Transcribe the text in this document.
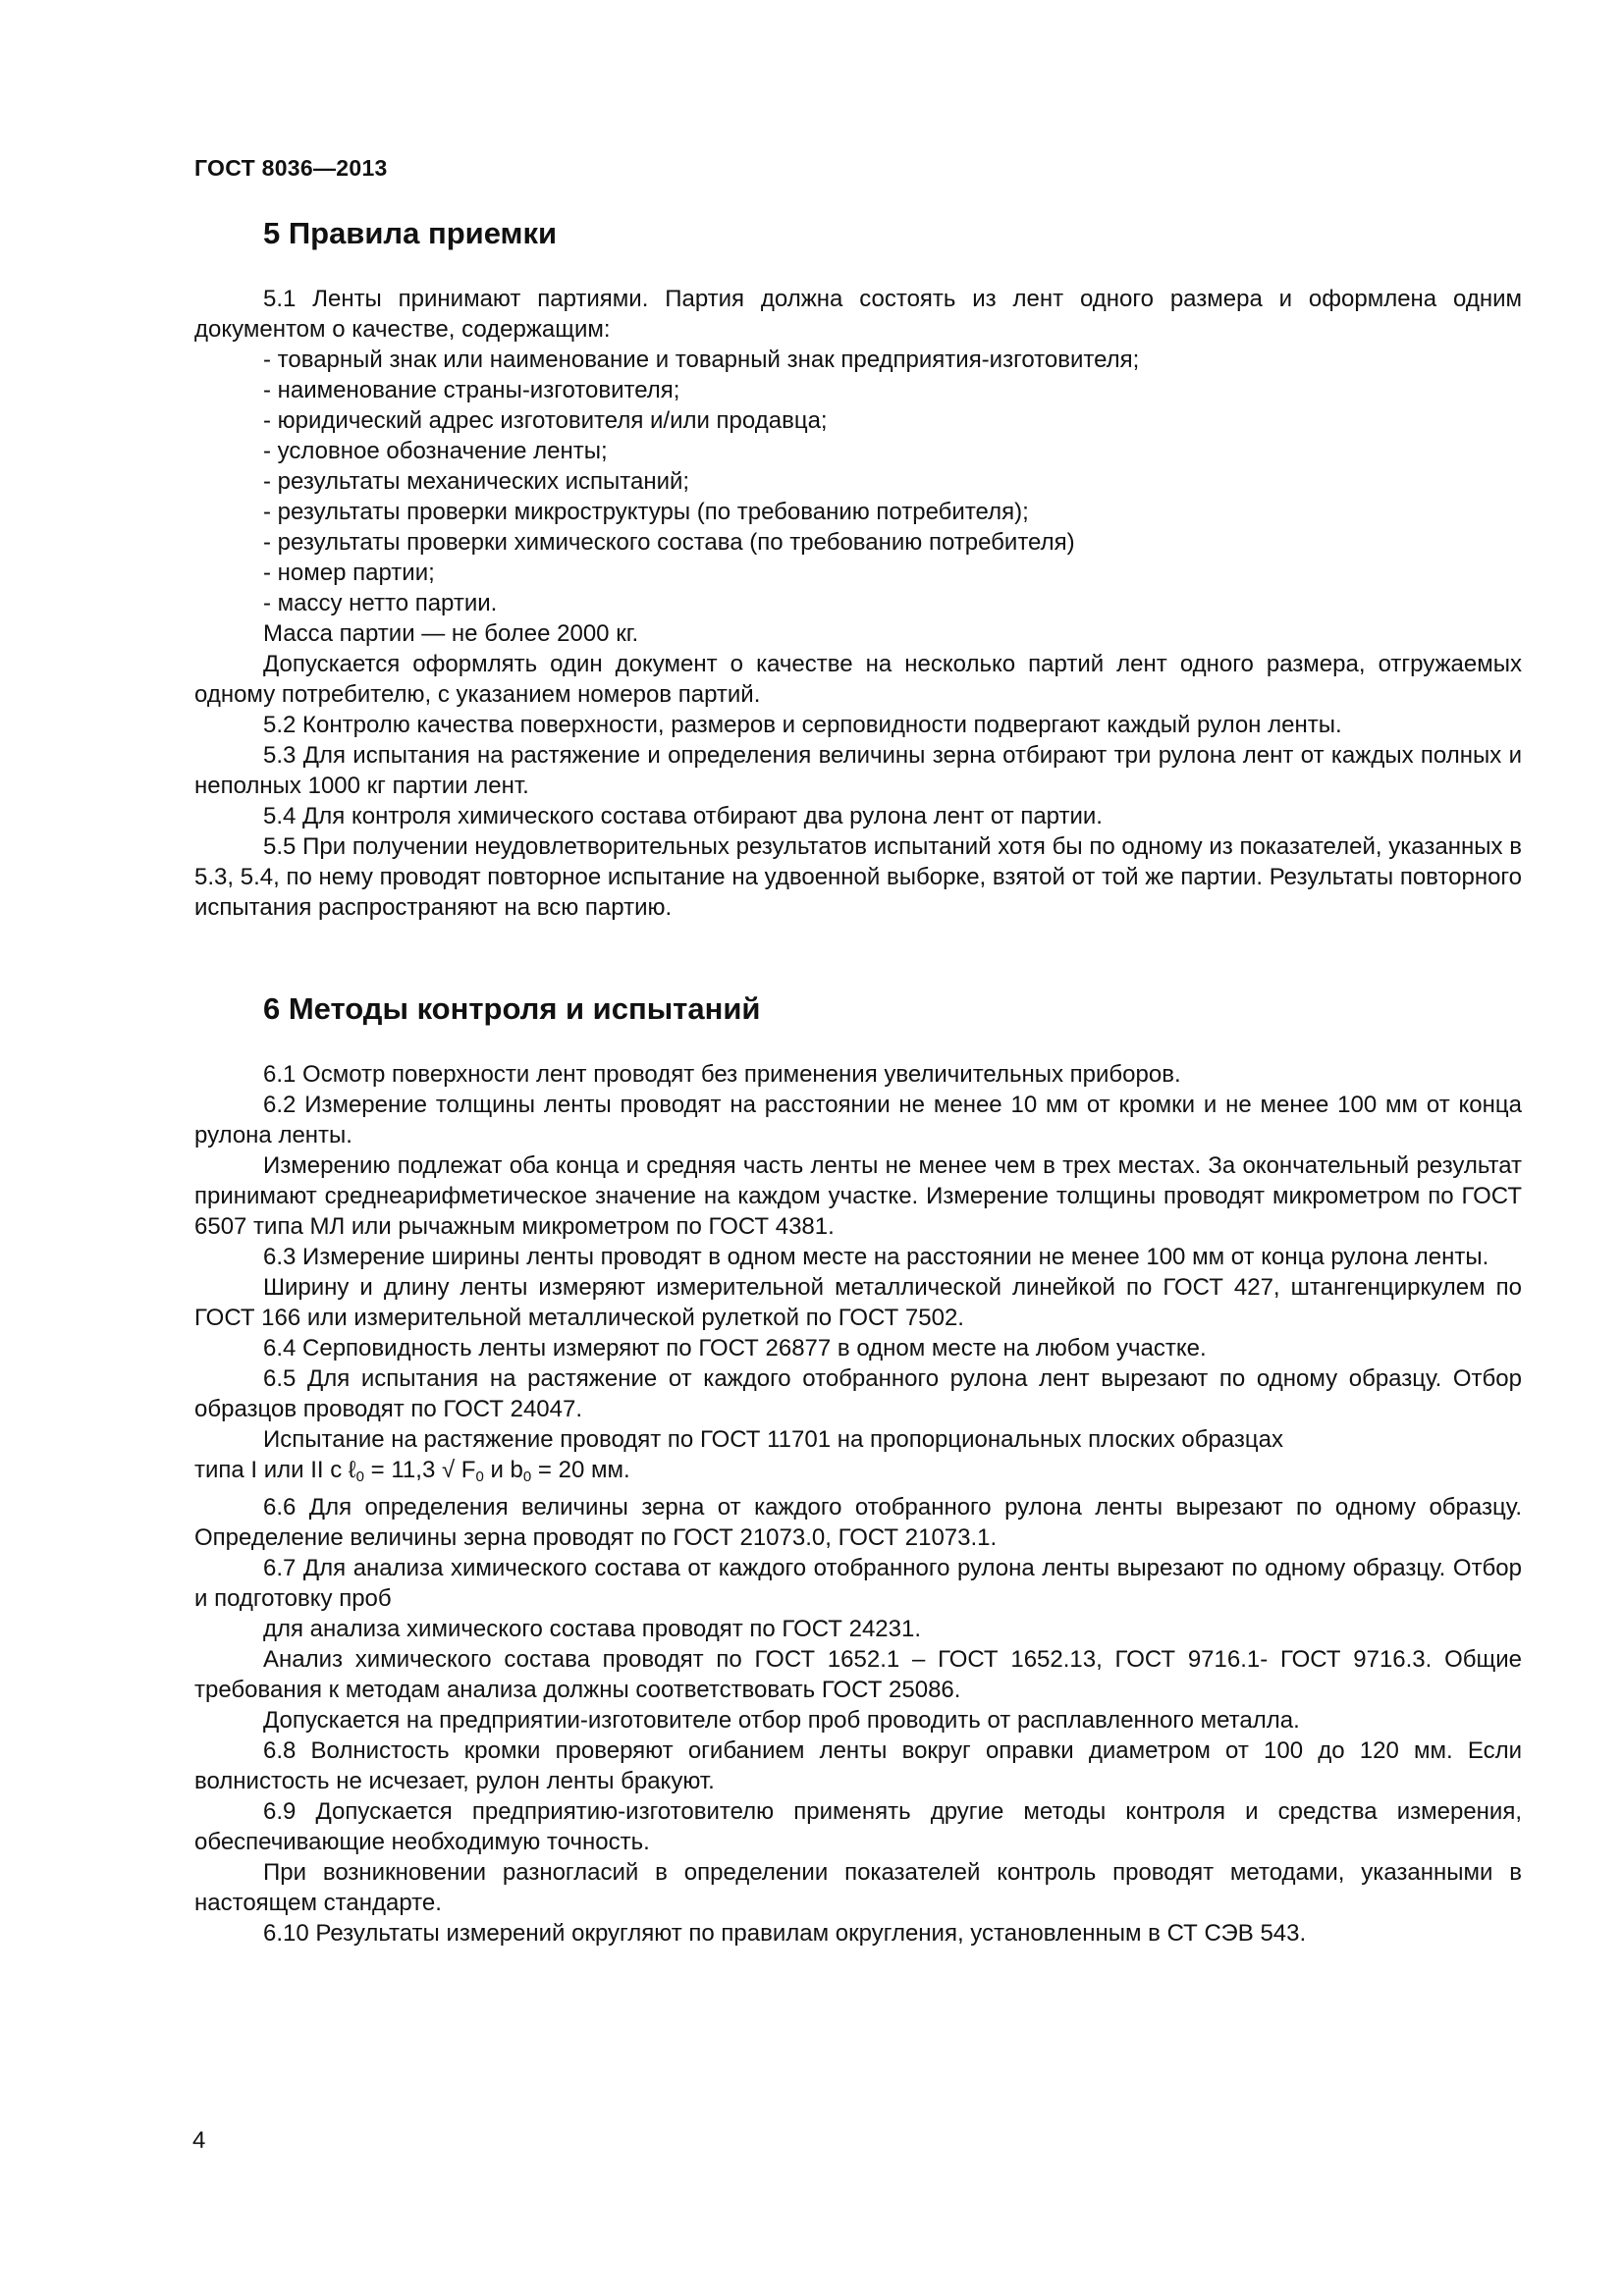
ГОСТ 8036—2013
5 Правила приемки

5.1 Ленты принимают партиями. Партия должна состоять из лент одного размера и оформлена одним документом о качестве, содержащим:

- товарный знак или наименование и товарный знак предприятия-изготовителя;

- наименование страны-изготовителя;

- юридический адрес изготовителя и/или продавца;

- условное обозначение ленты;

- результаты механических испытаний;

- результаты проверки микроструктуры (по требованию потребителя);

- результаты проверки химического состава (по требованию потребителя)

- номер партии;

- массу нетто партии.

Масса партии — не более 2000 кг.

Допускается оформлять один документ о качестве на несколько партий лент одного размера, отгружаемых одному потребителю, с указанием номеров партий.

5.2 Контролю качества поверхности, размеров и серповидности подвергают каждый рулон ленты.

5.3 Для испытания на растяжение и определения величины зерна отбирают три рулона лент от каждых полных и неполных 1000 кг партии лент.

5.4 Для контроля химического состава отбирают два рулона лент от партии.

5.5 При получении неудовлетворительных результатов испытаний хотя бы по одному из показателей, указанных в 5.3, 5.4, по нему проводят повторное испытание на удвоенной выборке, взятой от той же партии. Результаты повторного испытания распространяют на всю партию.

6 Методы контроля и испытаний

6.1 Осмотр поверхности лент проводят без применения увеличительных приборов.

6.2 Измерение толщины ленты проводят на расстоянии не менее 10 мм от кромки и не менее 100 мм от конца рулона ленты.

Измерению подлежат оба конца и средняя часть ленты не менее чем в трех местах. За окончательный результат принимают среднеарифметическое значение на каждом участке. Измерение толщины проводят микрометром по ГОСТ 6507 типа МЛ или рычажным микрометром по ГОСТ 4381.

6.3 Измерение ширины ленты проводят в одном месте на расстоянии не менее 100 мм от конца рулона ленты.

Ширину и длину ленты измеряют измерительной металлической линейкой по ГОСТ 427, штангенциркулем по ГОСТ 166 или измерительной металлической рулеткой по ГОСТ 7502.

6.4 Серповидность ленты измеряют по ГОСТ 26877 в одном месте на любом участке.

6.5 Для испытания на растяжение от каждого отобранного рулона лент вырезают по одному образцу. Отбор образцов проводят по ГОСТ 24047.

Испытание на растяжение проводят по ГОСТ 11701 на пропорциональных плоских образцах

типа I или II с ℓ$_0$ = 11,3 √ $F_0$ и $b_0 = 20$ мм.

6.6 Для определения величины зерна от каждого отобранного рулона ленты вырезают по одному образцу. Определение величины зерна проводят по ГОСТ 21073.0, ГОСТ 21073.1.

6.7 Для анализа химического состава от каждого отобранного рулона ленты вырезают по одному образцу. Отбор и подготовку проб

для анализа химического состава проводят по ГОСТ 24231.

Анализ химического состава проводят по ГОСТ 1652.1 – ГОСТ 1652.13, ГОСТ 9716.1- ГОСТ 9716.3. Общие требования к методам анализа должны соответствовать ГОСТ 25086.

Допускается на предприятии-изготовителе отбор проб проводить от расплавленного металла.

6.8 Волнистость кромки проверяют огибанием ленты вокруг оправки диаметром от 100 до 120 мм. Если волнистость не исчезает, рулон ленты бракуют.

6.9 Допускается предприятию-изготовителю применять другие методы контроля и средства измерения, обеспечивающие необходимую точность.

При возникновении разногласий в определении показателей контроль проводят методами, указанными в настоящем стандарте.

6.10 Результаты измерений округляют по правилам округления, установленным в СТ СЭВ 543.

4
